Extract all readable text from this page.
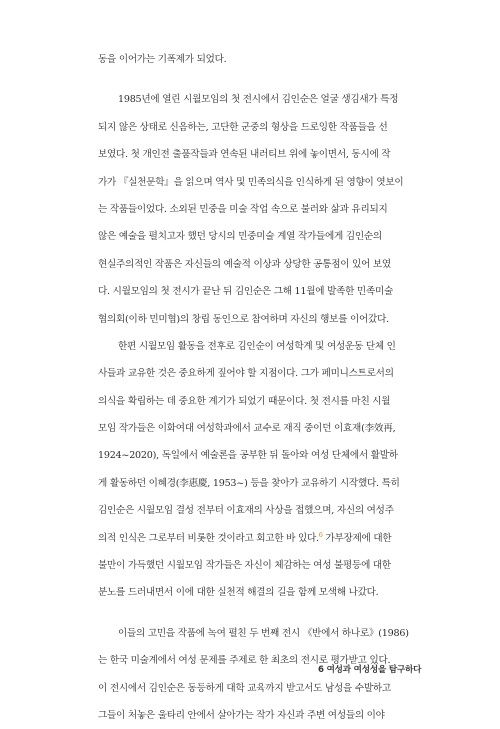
동을 이어가는 기폭제가 되었다.
1985년에 열린 시월모임의 첫 전시에서 김인순은 얼굴 생김새가 특정
되지 않은 상태로 신음하는, 고단한 군중의 형상을 드로잉한 작품들을 선
보였다. 첫 개인전 출품작들과 연속된 내러티브 위에 놓이면서, 동시에 작
가가 『실천문학』을 읽으며 역사 및 민족의식을 인식하게 된 영향이 엿보이
는 작품들이었다. 소외된 민중을 미술 작업 속으로 불러와 삶과 유리되지
않은 예술을 펼치고자 했던 당시의 민중미술 계열 작가들에게 김인순의
현실주의적인 작품은 자신들의 예술적 이상과 상당한 공통점이 있어 보였
다. 시월모임의 첫 전시가 끝난 뒤 김인순은 그해 11월에 발족한 민족미술
협의회(이하 민미협)의 창립 동인으로 참여하며 자신의 행보를 이어갔다.
한편 시월모임 활동을 전후로 김인순이 여성학계 및 여성운동 단체 인
사들과 교유한 것은 중요하게 짚어야 할 지점이다. 그가 페미니스트로서의
의식을 확립하는 데 중요한 계기가 되었기 때문이다. 첫 전시를 마친 시월
모임 작가들은 이화여대 여성학과에서 교수로 재직 중이던 이효재(李效再,
1924~2020), 독일에서 예술론을 공부한 뒤 돌아와 여성 단체에서 활발하
게 활동하던 이혜경(李惠慶, 1953~) 등을 찾아가 교유하기 시작했다. 특히
김인순은 시월모임 결성 전부터 이효재의 사상을 접했으며, 자신의 여성주
의적 인식은 그로부터 비롯한 것이라고 회고한 바 있다.$^6$ 가부장제에 대한
불만이 가득했던 시월모임 작가들은 자신이 체감하는 여성 불평등에 대한
분노를 드러내면서 이에 대한 실천적 해결의 길을 함께 모색해 나갔다.
이들의 고민을 작품에 녹여 펼친 두 번째 전시 《반에서 하나로》(1986)
는 한국 미술계에서 여성 문제를 주제로 한 최초의 전시로 평가받고 있다.
이 전시에서 김인순은 동등하게 대학 교육까지 받고서도 남성을 수발하고
그들이 처놓은 울타리 안에서 살아가는 작가 자신과 주변 여성들의 이야
6 여성과 여성성을 탐구하다
